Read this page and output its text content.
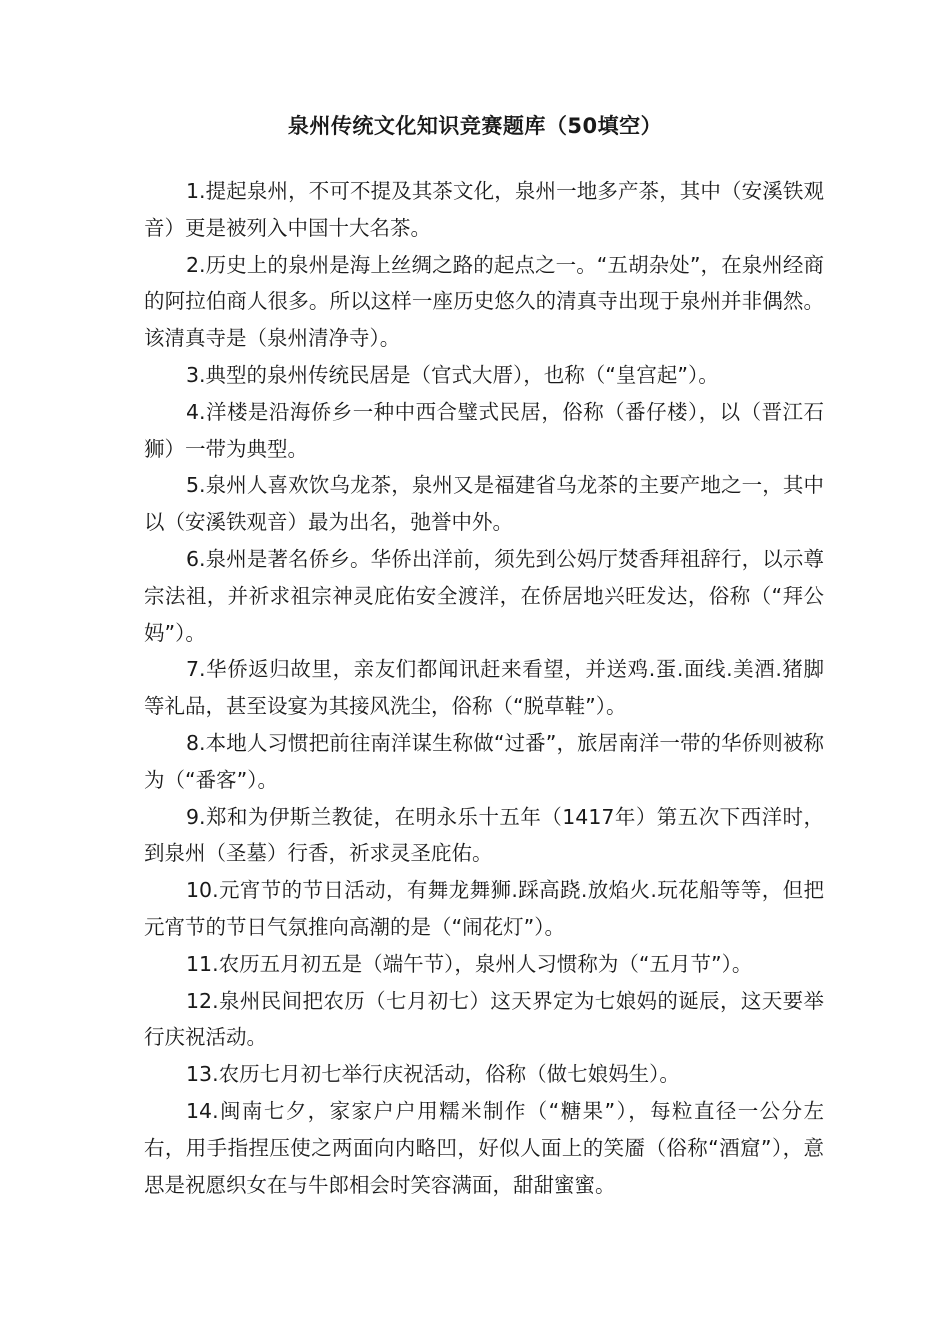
泉州传统文化知识竞赛题库（50填空）

1.提起泉州，不可不提及其茶文化，泉州一地多产茶，其中（安溪铁观音）更是被列入中国十大名茶。

2.历史上的泉州是海上丝绸之路的起点之一。“五胡杂处”，在泉州经商的阿拉伯商人很多。所以这样一座历史悠久的清真寺出现于泉州并非偶然。该清真寺是（泉州清净寺）。

3.典型的泉州传统民居是（官式大厝），也称（“皇宫起”）。

4.洋楼是沿海侨乡一种中西合璧式民居，俗称（番仔楼），以（晋江石狮）一带为典型。

5.泉州人喜欢饮乌龙茶，泉州又是福建省乌龙茶的主要产地之一，其中以（安溪铁观音）最为出名，弛誉中外。

6.泉州是著名侨乡。华侨出洋前，须先到公妈厅焚香拜祖辞行，以示尊宗法祖，并祈求祖宗神灵庇佑安全渡洋，在侨居地兴旺发达，俗称（“拜公妈”）。

7.华侨返归故里，亲友们都闻讯赶来看望，并送鸡.蛋.面线.美酒.猪脚等礼品，甚至设宴为其接风洗尘，俗称（“脱草鞋”）。

8.本地人习惯把前往南洋谋生称做“过番”，旅居南洋一带的华侨则被称为（“番客”）。

9.郑和为伊斯兰教徒，在明永乐十五年（1417年）第五次下西洋时，到泉州（圣墓）行香，祈求灵圣庇佑。

10.元宵节的节日活动，有舞龙舞狮.踩高跷.放焰火.玩花船等等，但把元宵节的节日气氛推向高潮的是（“闹花灯”）。

11.农历五月初五是（端午节），泉州人习惯称为（“五月节”）。

12.泉州民间把农历（七月初七）这天界定为七娘妈的诞辰，这天要举行庆祝活动。

13.农历七月初七举行庆祝活动，俗称（做七娘妈生）。

14.闽南七夕，家家户户用糯米制作（“糖果”），每粒直径一公分左右，用手指捏压使之两面向内略凹，好似人面上的笑靥（俗称“酒窟”），意思是祝愿织女在与牛郎相会时笑容满面，甜甜蜜蜜。
